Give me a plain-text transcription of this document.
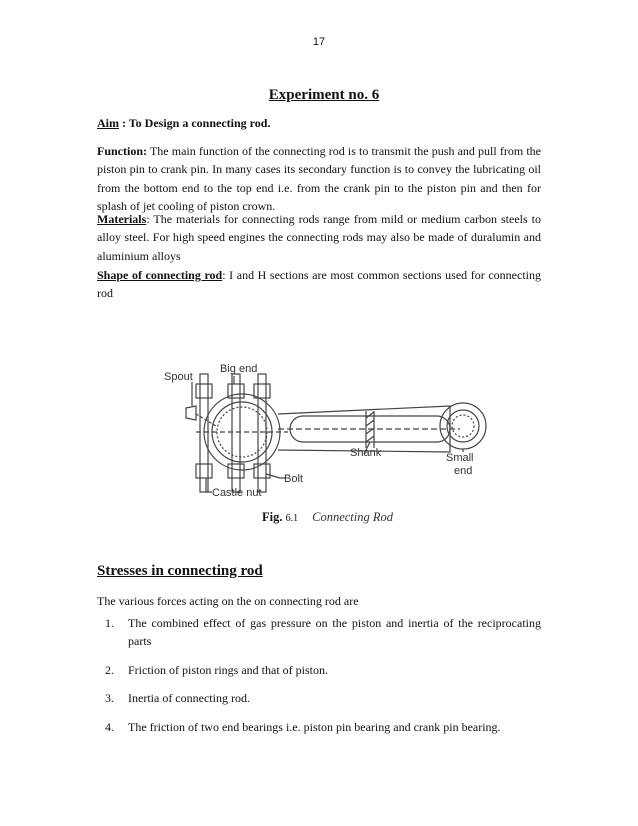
17
Experiment no. 6

Aim : To Design a connecting rod.

Function: The main function of the connecting rod is to transmit the push and pull from the piston pin to crank pin. In many cases its secondary function is to convey the lubricating oil from the bottom end to the top end i.e. from the crank pin to the piston pin and then for splash of jet cooling of piston crown.

Materials: The materials for connecting rods range from mild or medium carbon steels to alloy steel. For high speed engines the connecting rods may also be made of duralumin and aluminium alloys

Shape of connecting rod: I and H sections are most common sections used for connecting rod

Spout
Big end
Shank	Small
end
Bolt
Castle nut
Fig. 6.1 Connecting Rod
Stresses in connecting rod

The various forces acting on the on connecting rod are

1. The combined effect of gas pressure on the piston and inertia of the reciprocating parts
2. Friction of piston rings and that of piston.
3. Inertia of connecting rod.
4. The friction of two end bearings i.e. piston pin bearing and crank pin bearing.
